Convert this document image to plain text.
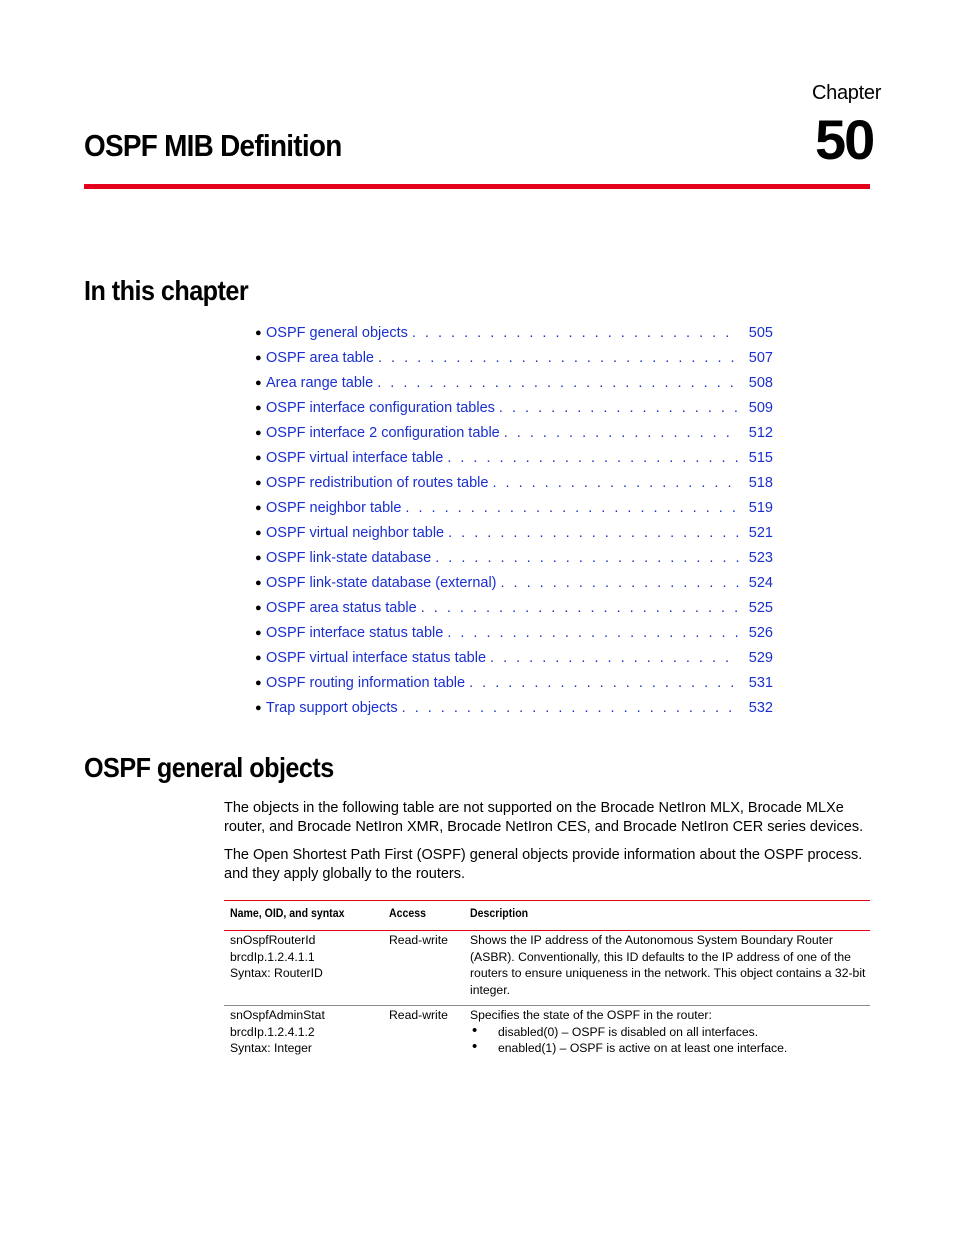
Chapter
50
OSPF MIB Definition
In this chapter
● OSPF general objects . . .	505
● OSPF area table . . .	507
● Area range table . . .	508
● OSPF interface configuration tables . . .	509
● OSPF interface 2 configuration table . . .	512
● OSPF virtual interface table . . .	515
● OSPF redistribution of routes table . . .	518
● OSPF neighbor table . . .	519
● OSPF virtual neighbor table . . .	521
● OSPF link-state database . . .	523
● OSPF link-state database (external) . . .	524
● OSPF area status table . . .	525
● OSPF interface status table . . .	526
● OSPF virtual interface status table . . .	529
● OSPF routing information table . . .	531
● Trap support objects . . .	532
OSPF general objects

The objects in the following table are not supported on the Brocade NetIron MLX, Brocade MLXe router, and Brocade NetIron XMR, Brocade NetIron CES, and Brocade NetIron CER series devices.

The Open Shortest Path First (OSPF) general objects provide information about the OSPF process. and they apply globally to the routers.

Name, OID, and syntax	Access	Description
snOspfRouterId
brcdIp.1.2.4.1.1
Syntax: RouterID
Read-write	Shows the IP address of the Autonomous System Boundary Router (ASBR). Conventionally, this ID defaults to the IP address of one of the routers to ensure uniqueness in the network. This object contains a 32-bit integer.
snOspfAdminStat
brcdIp.1.2.4.1.2
Syntax: Integer
Read-write	Specifies the state of the OSPF in the router:
• disabled(0) – OSPF is disabled on all interfaces.
• enabled(1) – OSPF is active on at least one interface.
